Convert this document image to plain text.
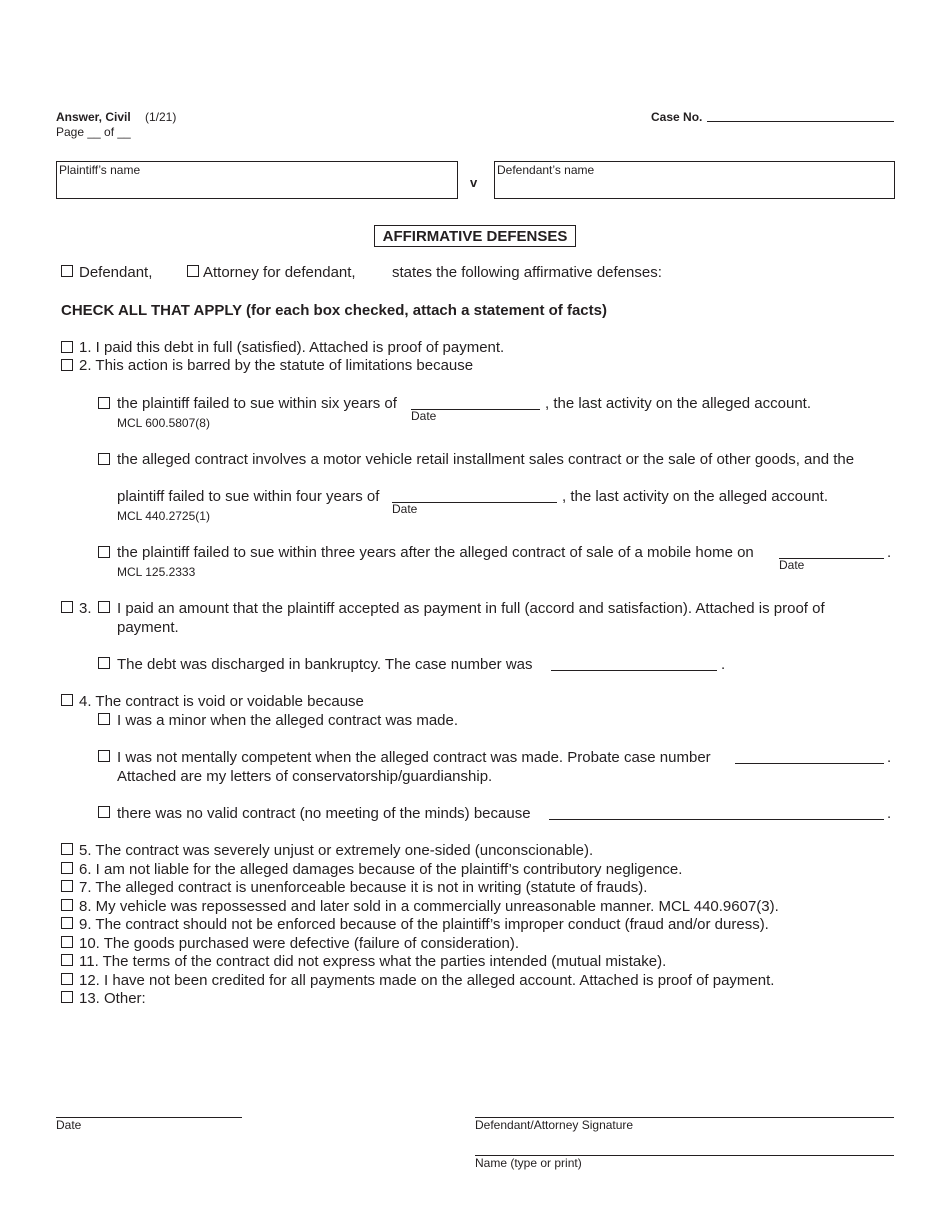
Answer, Civil (1/21)
Page __ of __
Case No.
Plaintiff’s name
v
Defendant’s name
AFFIRMATIVE DEFENSES
Defendant,	Attorney for defendant, states the following affirmative defenses:
CHECK ALL THAT APPLY (for each box checked, attach a statement of facts)
1. I paid this debt in full (satisfied). Attached is proof of payment.
2. This action is barred by the statute of limitations because
the plaintiff failed to sue within six years of
Date
, the last activity on the alleged account.
MCL 600.5807(8)
the alleged contract involves a motor vehicle retail installment sales contract or the sale of other goods, and the
plaintiff failed to sue within four years of
Date
, the last activity on the alleged account.
MCL 440.2725(1)
the plaintiff failed to sue within three years after the alleged contract of sale of a mobile home on
Date
.
MCL 125.2333
3. I paid an amount that the plaintiff accepted as payment in full (accord and satisfaction). Attached is proof of
payment.
The debt was discharged in bankruptcy. The case number was	.
4. The contract is void or voidable because
I was a minor when the alleged contract was made.
I was not mentally competent when the alleged contract was made. Probate case number	.
Attached are my letters of conservatorship/guardianship.
there was no valid contract (no meeting of the minds) because	.
5. The contract was severely unjust or extremely one-sided (unconscionable).
6. I am not liable for the alleged damages because of the plaintiff’s contributory negligence.
7. The alleged contract is unenforceable because it is not in writing (statute of frauds).
8. My vehicle was repossessed and later sold in a commercially unreasonable manner. MCL 440.9607(3).
9. The contract should not be enforced because of the plaintiff’s improper conduct (fraud and/or duress).
10. The goods purchased were defective (failure of consideration).
11. The terms of the contract did not express what the parties intended (mutual mistake).
12. I have not been credited for all payments made on the alleged account. Attached is proof of payment.
13. Other:
Date	Defendant/Attorney Signature
Name (type or print)
